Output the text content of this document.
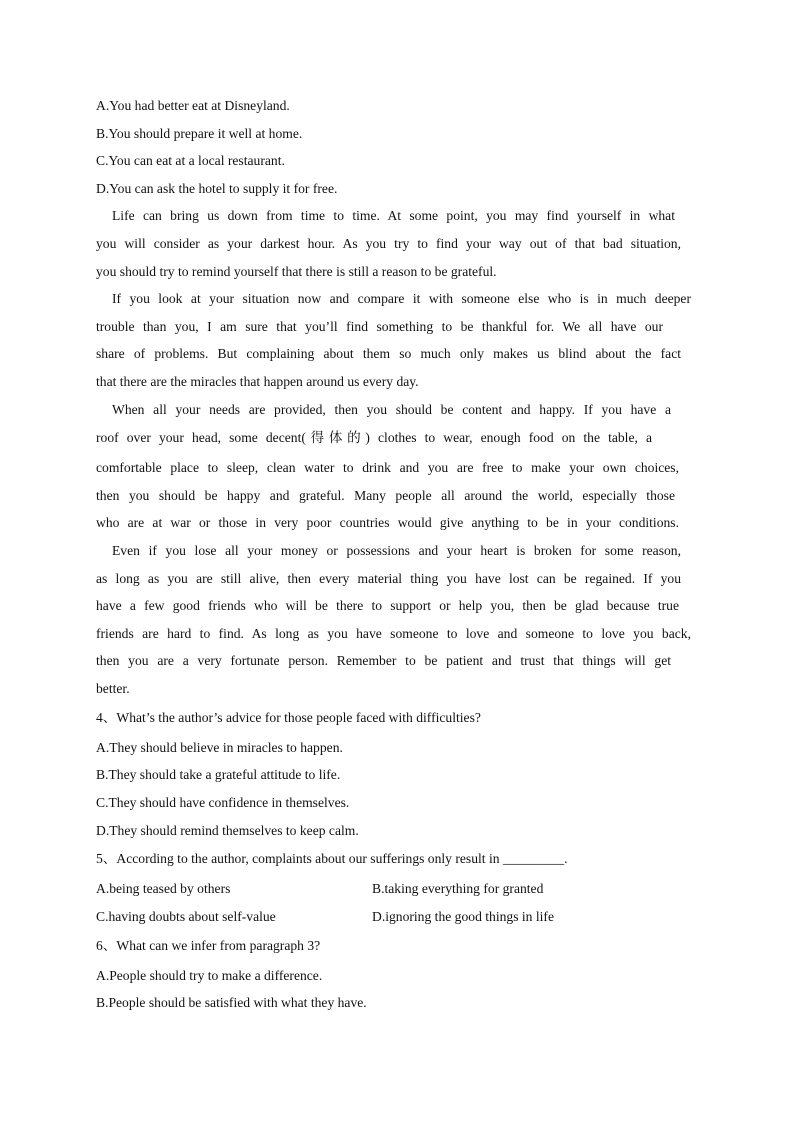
A.You had better eat at Disneyland.
B.You should prepare it well at home.
C.You can eat at a local restaurant.
D.You can ask the hotel to supply it for free.
Life can bring us down from time to time. At some point, you may find yourself in what
you will consider as your darkest hour. As you try to find your way out of that bad situation,
you should try to remind yourself that there is still a reason to be grateful.
If you look at your situation now and compare it with someone else who is in much deeper
trouble than you, I am sure that you’ll find something to be thankful for. We all have our
share of problems. But complaining about them so much only makes us blind about the fact
that there are the miracles that happen around us every day.
When all your needs are provided, then you should be content and happy. If you have a
roof over your head, some decent(得体的) clothes to wear, enough food on the table, a
comfortable place to sleep, clean water to drink and you are free to make your own choices,
then you should be happy and grateful. Many people all around the world, especially those
who are at war or those in very poor countries would give anything to be in your conditions.
Even if you lose all your money or possessions and your heart is broken for some reason,
as long as you are still alive, then every material thing you have lost can be regained. If you
have a few good friends who will be there to support or help you, then be glad because true
friends are hard to find. As long as you have someone to love and someone to love you back,
then you are a very fortunate person. Remember to be patient and trust that things will get
better.
4、What’s the author’s advice for those people faced with difficulties?
A.They should believe in miracles to happen.
B.They should take a grateful attitude to life.
C.They should have confidence in themselves.
D.They should remind themselves to keep calm.
5、According to the author, complaints about our sufferings only result in _________.
A.being teased by others	B.taking everything for granted
C.having doubts about self-value	D.ignoring the good things in life
6、What can we infer from paragraph 3?
A.People should try to make a difference.
B.People should be satisfied with what they have.
